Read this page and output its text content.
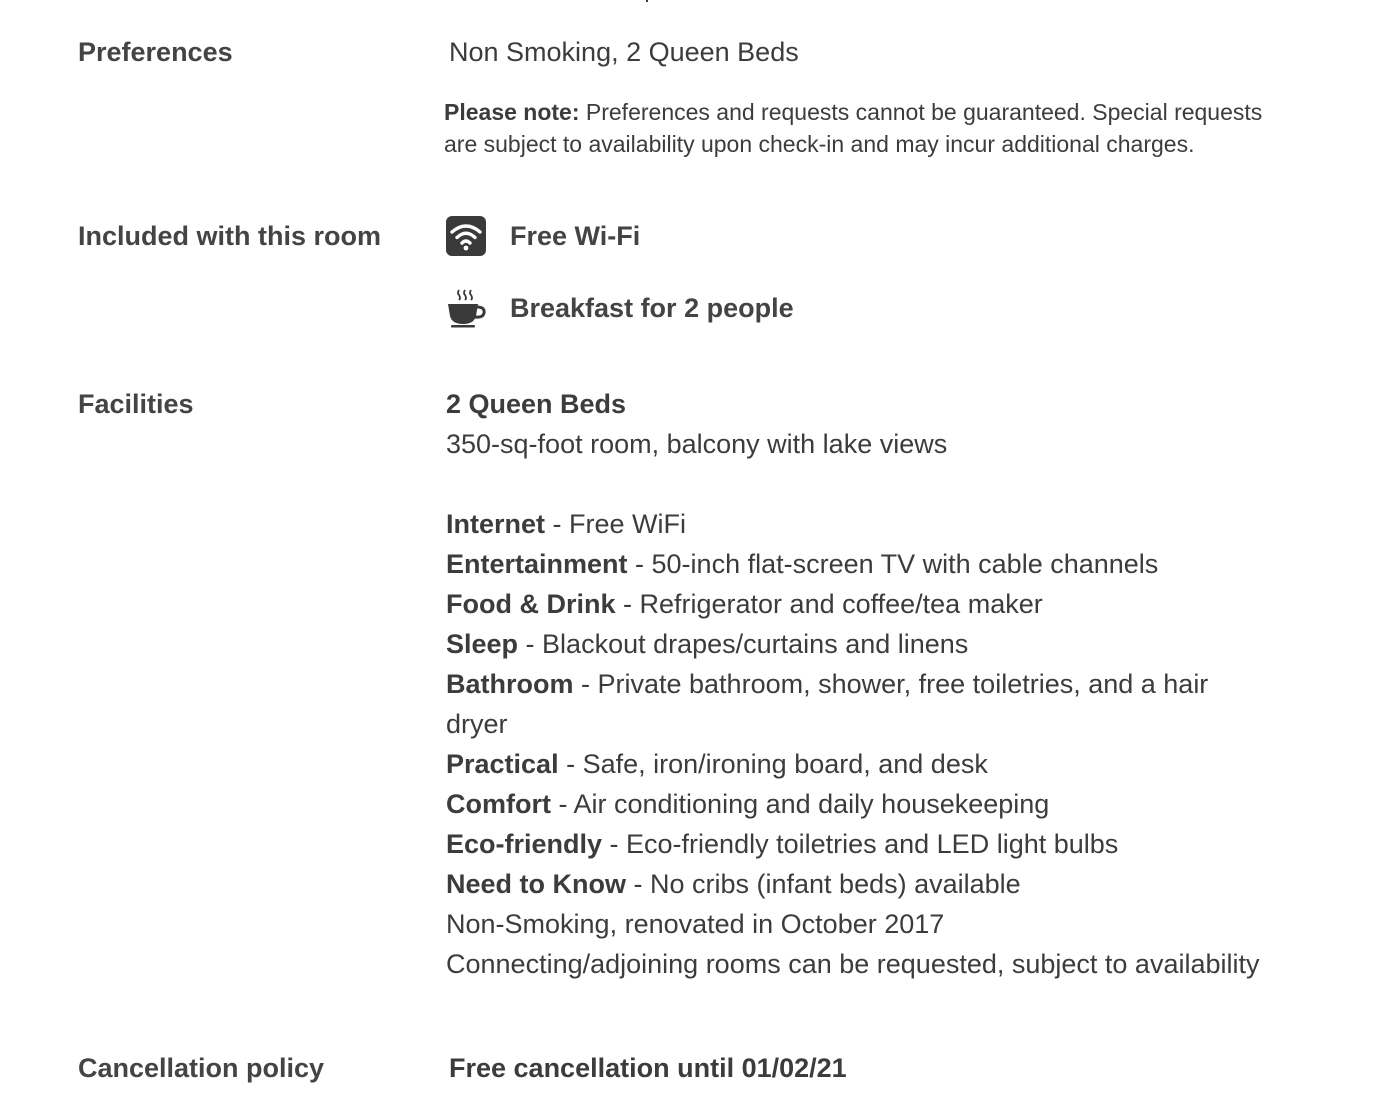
Preferences	Non Smoking, 2 Queen Beds
Please note: Preferences and requests cannot be guaranteed. Special requests are subject to availability upon check-in and may incur additional charges.
Included with this room	Free Wi-Fi
Breakfast for 2 people
Facilities	2 Queen Beds
350-sq-foot room, balcony with lake views
Internet - Free WiFi
Entertainment - 50-inch flat-screen TV with cable channels
Food & Drink - Refrigerator and coffee/tea maker
Sleep - Blackout drapes/curtains and linens
Bathroom - Private bathroom, shower, free toiletries, and a hair dryer
Practical - Safe, iron/ironing board, and desk
Comfort - Air conditioning and daily housekeeping
Eco-friendly - Eco-friendly toiletries and LED light bulbs
Need to Know - No cribs (infant beds) available
Non-Smoking, renovated in October 2017
Connecting/adjoining rooms can be requested, subject to availability
Cancellation policy	Free cancellation until 01/02/21
